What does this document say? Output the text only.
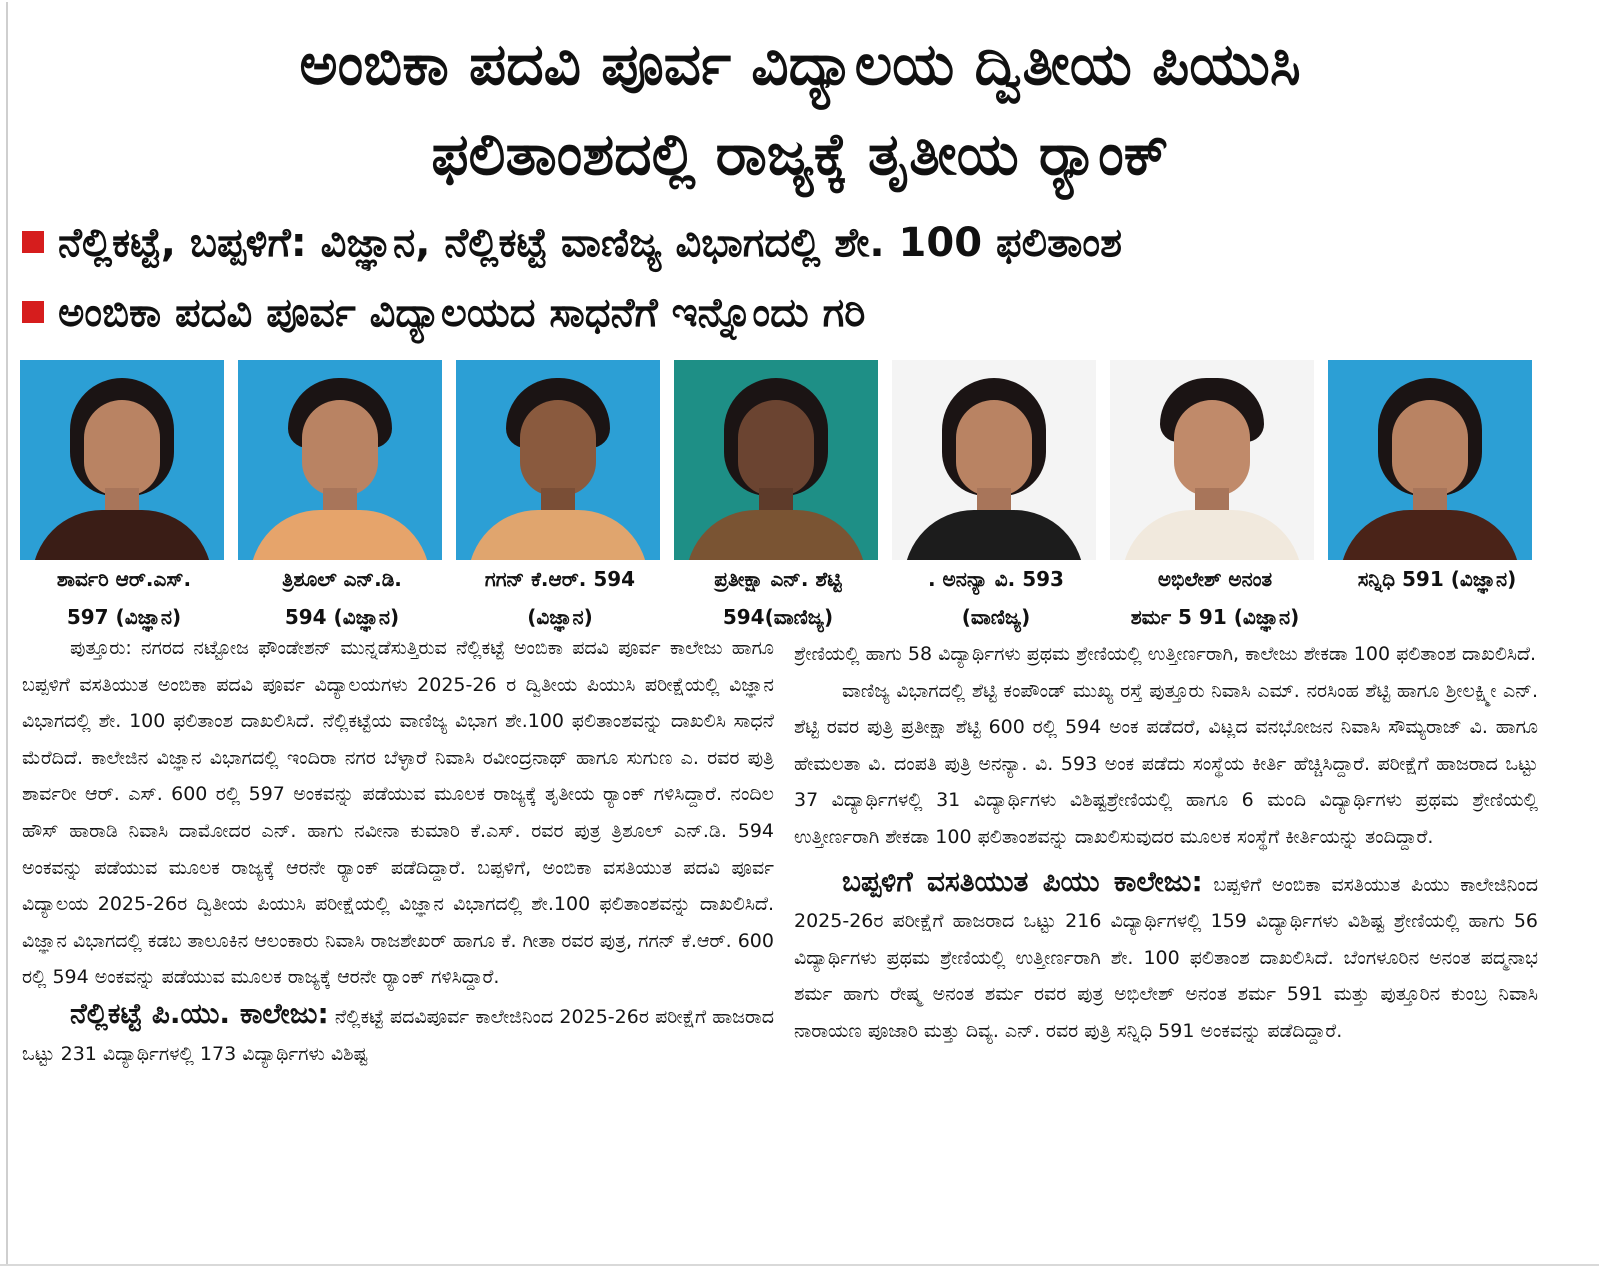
ಅಂಬಿಕಾ ಪದವಿ ಪೂರ್ವ ವಿದ್ಯಾಲಯ ದ್ವಿತೀಯ ಪಿಯುಸಿ
ಫಲಿತಾಂಶದಲ್ಲಿ ರಾಜ್ಯಕ್ಕೆ ತೃತೀಯ ರ್‍ಯಾಂಕ್
ನೆಲ್ಲಿಕಟ್ಟೆ, ಬಪ್ಪಳಿಗೆ: ವಿಜ್ಞಾನ, ನೆಲ್ಲಿಕಟ್ಟೆ ವಾಣಿಜ್ಯ ವಿಭಾಗದಲ್ಲಿ ಶೇ. 100 ಫಲಿತಾಂಶ
ಅಂಬಿಕಾ ಪದವಿ ಪೂರ್ವ ವಿದ್ಯಾಲಯದ ಸಾಧನೆಗೆ ಇನ್ನೊಂದು ಗರಿ
ಶಾರ್ವರಿ ಆರ್.ಎಸ್.
597 (ವಿಜ್ಞಾನ)
ತ್ರಿಶೂಲ್ ಎನ್.ಡಿ.
594 (ವಿಜ್ಞಾನ)
ಗಗನ್ ಕೆ.ಆರ್. 594
(ವಿಜ್ಞಾನ)
ಪ್ರತೀಕ್ಷಾ ಎನ್. ಶೆಟ್ಟಿ
594(ವಾಣಿಜ್ಯ)
. ಅನನ್ಯಾ ವಿ. 593
(ವಾಣಿಜ್ಯ)
ಅಭಿಲೇಶ್ ಅನಂತ
ಶರ್ಮ 5 91 (ವಿಜ್ಞಾನ)
ಸನ್ನಿಧಿ 591 (ವಿಜ್ಞಾನ)

ಪುತ್ತೂರು: ನಗರದ ನಟ್ಟೋಜ ಫೌಂಡೇಶನ್ ಮುನ್ನಡೆಸುತ್ತಿರುವ ನೆಲ್ಲಿಕಟ್ಟೆ ಅಂಬಿಕಾ ಪದವಿ ಪೂರ್ವ ಕಾಲೇಜು ಹಾಗೂ ಬಪ್ಪಳಿಗೆ ವಸತಿಯುತ ಅಂಬಿಕಾ ಪದವಿ ಪೂರ್ವ ವಿದ್ಯಾಲಯಗಳು 2025-26 ರ ದ್ವಿತೀಯ ಪಿಯುಸಿ ಪರೀಕ್ಷೆಯಲ್ಲಿ ವಿಜ್ಞಾನ ವಿಭಾಗದಲ್ಲಿ ಶೇ. 100 ಫಲಿತಾಂಶ ದಾಖಲಿಸಿದೆ. ನೆಲ್ಲಿಕಟ್ಟೆಯ ವಾಣಿಜ್ಯ ವಿಭಾಗ ಶೇ.100 ಫಲಿತಾಂಶವನ್ನು ದಾಖಲಿಸಿ ಸಾಧನೆ ಮೆರೆದಿದೆ. ಕಾಲೇಜಿನ ವಿಜ್ಞಾನ ವಿಭಾಗದಲ್ಲಿ ಇಂದಿರಾ ನಗರ ಬೆಳ್ಳಾರೆ ನಿವಾಸಿ ರವೀಂದ್ರನಾಥ್ ಹಾಗೂ ಸುಗುಣ ಎ. ರವರ ಪುತ್ರಿ ಶಾರ್ವರೀ ಆರ್. ಎಸ್. 600 ರಲ್ಲಿ 597 ಅಂಕವನ್ನು ಪಡೆಯುವ ಮೂಲಕ ರಾಜ್ಯಕ್ಕೆ ತೃತೀಯ ರ್‍ಯಾಂಕ್ ಗಳಿಸಿದ್ದಾರೆ. ನಂದಿಲ ಹೌಸ್ ಹಾರಾಡಿ ನಿವಾಸಿ ದಾಮೋದರ ಎನ್. ಹಾಗು ನವೀನಾ ಕುಮಾರಿ ಕೆ.ಎಸ್. ರವರ ಪುತ್ರ ತ್ರಿಶೂಲ್ ಎನ್.ಡಿ. 594 ಅಂಕವನ್ನು ಪಡೆಯುವ ಮೂಲಕ ರಾಜ್ಯಕ್ಕೆ ಆರನೇ ರ್‍ಯಾಂಕ್ ಪಡೆದಿದ್ದಾರೆ. ಬಪ್ಪಳಿಗೆ, ಅಂಬಿಕಾ ವಸತಿಯುತ ಪದವಿ ಪೂರ್ವ ವಿದ್ಯಾಲಯ 2025-26ರ ದ್ವಿತೀಯ ಪಿಯುಸಿ ಪರೀಕ್ಷೆಯಲ್ಲಿ ವಿಜ್ಞಾನ ವಿಭಾಗದಲ್ಲಿ ಶೇ.100 ಫಲಿತಾಂಶವನ್ನು ದಾಖಲಿಸಿದೆ. ವಿಜ್ಞಾನ ವಿಭಾಗದಲ್ಲಿ ಕಡಬ ತಾಲೂಕಿನ ಆಲಂಕಾರು ನಿವಾಸಿ ರಾಜಶೇಖರ್ ಹಾಗೂ ಕೆ. ಗೀತಾ ರವರ ಪುತ್ರ, ಗಗನ್ ಕೆ.ಆರ್. 600 ರಲ್ಲಿ 594 ಅಂಕವನ್ನು ಪಡೆಯುವ ಮೂಲಕ ರಾಜ್ಯಕ್ಕೆ ಆರನೇ ರ್‍ಯಾಂಕ್ ಗಳಿಸಿದ್ದಾರೆ.

ನೆಲ್ಲಿಕಟ್ಟೆ ಪಿ.ಯು. ಕಾಲೇಜು: ನೆಲ್ಲಿಕಟ್ಟೆ ಪದವಿಪೂರ್ವ ಕಾಲೇಜಿನಿಂದ 2025-26ರ ಪರೀಕ್ಷೆಗೆ ಹಾಜರಾದ ಒಟ್ಟು 231 ವಿದ್ಯಾರ್ಥಿಗಳಲ್ಲಿ 173 ವಿದ್ಯಾರ್ಥಿಗಳು ವಿಶಿಷ್ಟ

ಶ್ರೇಣಿಯಲ್ಲಿ ಹಾಗು 58 ವಿದ್ಯಾರ್ಥಿಗಳು ಪ್ರಥಮ ಶ್ರೇಣಿಯಲ್ಲಿ ಉತ್ತೀರ್ಣರಾಗಿ, ಕಾಲೇಜು ಶೇಕಡಾ 100 ಫಲಿತಾಂಶ ದಾಖಲಿಸಿದೆ.

ವಾಣಿಜ್ಯ ವಿಭಾಗದಲ್ಲಿ ಶೆಟ್ಟಿ ಕಂಪೌಂಡ್ ಮುಖ್ಯ ರಸ್ತೆ ಪುತ್ತೂರು ನಿವಾಸಿ ಎಮ್. ನರಸಿಂಹ ಶೆಟ್ಟಿ ಹಾಗೂ ಶ್ರೀಲಕ್ಷ್ಮೀ ಎನ್. ಶೆಟ್ಟಿ ರವರ ಪುತ್ರಿ ಪ್ರತೀಕ್ಷಾ ಶೆಟ್ಟಿ 600 ರಲ್ಲಿ 594 ಅಂಕ ಪಡೆದರೆ, ವಿಟ್ಲದ ವನಭೋಜನ ನಿವಾಸಿ ಸೌಮ್ಯರಾಜ್ ವಿ. ಹಾಗೂ ಹೇಮಲತಾ ವಿ. ದಂಪತಿ ಪುತ್ರಿ ಅನನ್ಯಾ. ವಿ. 593 ಅಂಕ ಪಡೆದು ಸಂಸ್ಥೆಯ ಕೀರ್ತಿ ಹೆಚ್ಚಿಸಿದ್ದಾರೆ. ಪರೀಕ್ಷೆಗೆ ಹಾಜರಾದ ಒಟ್ಟು 37 ವಿದ್ಯಾರ್ಥಿಗಳಲ್ಲಿ 31 ವಿದ್ಯಾರ್ಥಿಗಳು ವಿಶಿಷ್ಟಶ್ರೇಣಿಯಲ್ಲಿ ಹಾಗೂ 6 ಮಂದಿ ವಿದ್ಯಾರ್ಥಿಗಳು ಪ್ರಥಮ ಶ್ರೇಣಿಯಲ್ಲಿ ಉತ್ತೀರ್ಣರಾಗಿ ಶೇಕಡಾ 100 ಫಲಿತಾಂಶವನ್ನು ದಾಖಲಿಸುವುದರ ಮೂಲಕ ಸಂಸ್ಥೆಗೆ ಕೀರ್ತಿಯನ್ನು ತಂದಿದ್ದಾರೆ.

ಬಪ್ಪಳಿಗೆ ವಸತಿಯುತ ಪಿಯು ಕಾಲೇಜು: ಬಪ್ಪಳಿಗೆ ಅಂಬಿಕಾ ವಸತಿಯುತ ಪಿಯು ಕಾಲೇಜಿನಿಂದ 2025-26ರ ಪರೀಕ್ಷೆಗೆ ಹಾಜರಾದ ಒಟ್ಟು 216 ವಿದ್ಯಾರ್ಥಿಗಳಲ್ಲಿ 159 ವಿದ್ಯಾರ್ಥಿಗಳು ವಿಶಿಷ್ಟ ಶ್ರೇಣಿಯಲ್ಲಿ ಹಾಗು 56 ವಿದ್ಯಾರ್ಥಿಗಳು ಪ್ರಥಮ ಶ್ರೇಣಿಯಲ್ಲಿ ಉತ್ತೀರ್ಣರಾಗಿ ಶೇ. 100 ಫಲಿತಾಂಶ ದಾಖಲಿಸಿದೆ. ಬೆಂಗಳೂರಿನ ಅನಂತ ಪದ್ಮನಾಭ ಶರ್ಮ ಹಾಗು ರೇಷ್ಮ ಅನಂತ ಶರ್ಮ ರವರ ಪುತ್ರ ಅಭಿಲೇಶ್ ಅನಂತ ಶರ್ಮ 591 ಮತ್ತು ಪುತ್ತೂರಿನ ಕುಂಬ್ರ ನಿವಾಸಿ ನಾರಾಯಣ ಪೂಜಾರಿ ಮತ್ತು ದಿವ್ಯ. ಎನ್. ರವರ ಪುತ್ರಿ ಸನ್ನಿಧಿ 591 ಅಂಕವನ್ನು ಪಡೆದಿದ್ದಾರೆ.
